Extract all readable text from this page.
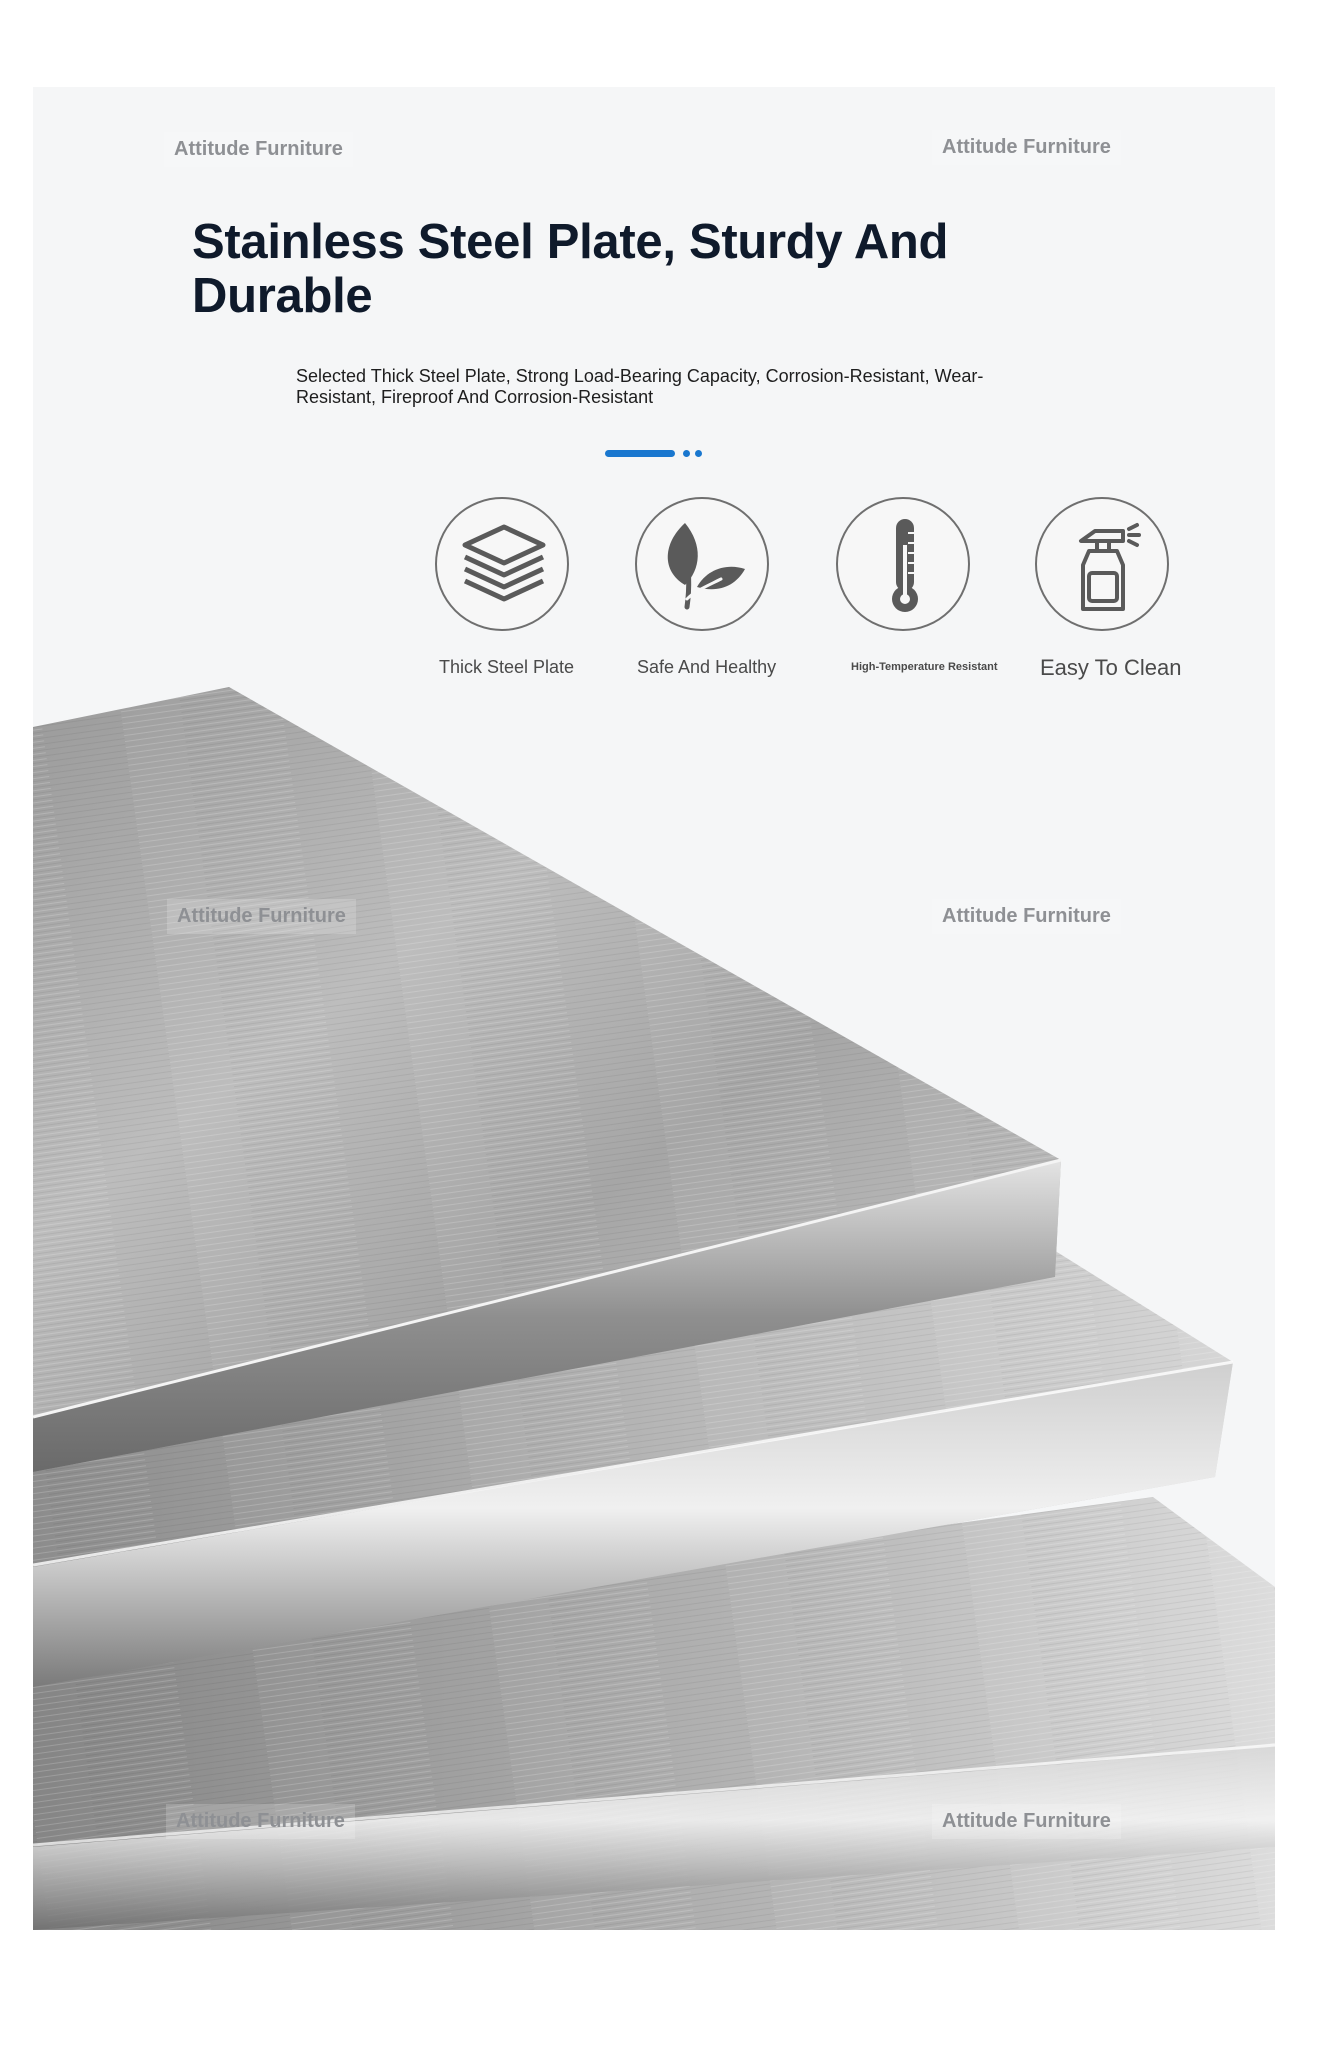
Attitude Furniture	Attitude Furniture
Attitude Furniture	Attitude Furniture
Attitude Furniture	Attitude Furniture
Stainless Steel Plate, Sturdy And Durable

Selected Thick Steel Plate, Strong Load-Bearing Capacity, Corrosion-Resistant, Wear-Resistant, Fireproof And Corrosion-Resistant

Thick Steel Plate	Safe And Healthy	High-Temperature Resistant Easy To Clean
